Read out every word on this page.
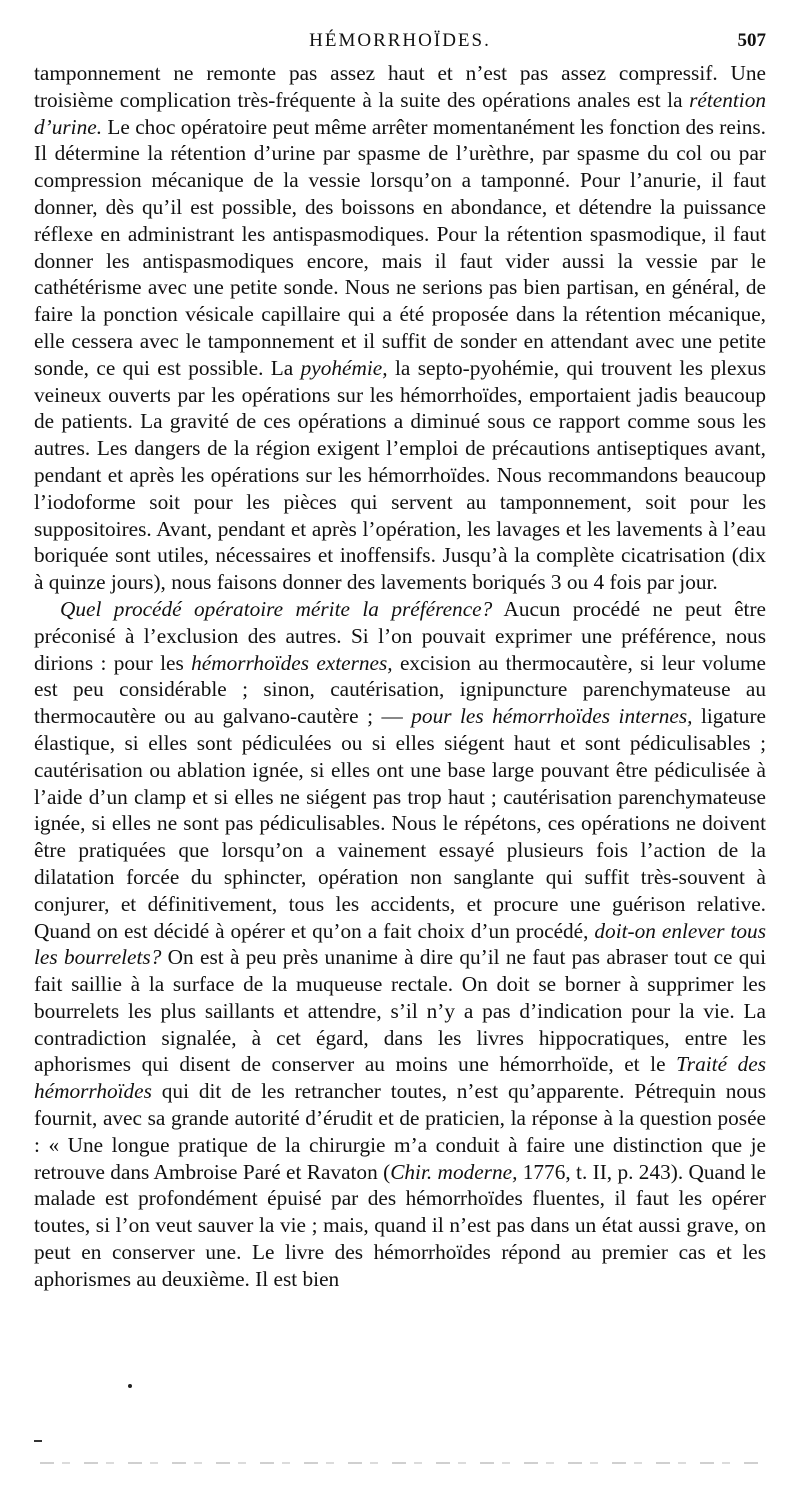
HÉMORRHOÏDES.	507

tamponnement ne remonte pas assez haut et n’est pas assez compressif. Une troisième complication très-fréquente à la suite des opérations anales est la rétention d’urine. Le choc opératoire peut même arrêter momentanément les fonction des reins. Il détermine la rétention d’urine par spasme de l’urèthre, par spasme du col ou par compression mécanique de la vessie lorsqu’on a tamponné. Pour l’anurie, il faut donner, dès qu’il est possible, des boissons en abondance, et détendre la puissance réflexe en administrant les antispasmodiques. Pour la rétention spasmodique, il faut donner les antispasmodiques encore, mais il faut vider aussi la vessie par le cathétérisme avec une petite sonde. Nous ne serions pas bien partisan, en général, de faire la ponction vésicale capillaire qui a été proposée dans la rétention mécanique, elle cessera avec le tamponnement et il suffit de sonder en attendant avec une petite sonde, ce qui est possible. La pyohémie, la septo-pyohémie, qui trouvent les plexus veineux ouverts par les opérations sur les hémorrhoïdes, emportaient jadis beaucoup de patients. La gravité de ces opérations a diminué sous ce rapport comme sous les autres. Les dangers de la région exigent l’emploi de précautions antiseptiques avant, pendant et après les opérations sur les hémorrhoïdes. Nous recommandons beaucoup l’iodoforme soit pour les pièces qui servent au tamponnement, soit pour les suppositoires. Avant, pendant et après l’opération, les lavages et les lavements à l’eau boriquée sont utiles, nécessaires et inoffensifs. Jusqu’à la complète cicatrisation (dix à quinze jours), nous faisons donner des lavements boriqués 3 ou 4 fois par jour.

Quel procédé opératoire mérite la préférence? Aucun procédé ne peut être préconisé à l’exclusion des autres. Si l’on pouvait exprimer une préférence, nous dirions : pour les hémorrhoïdes externes, excision au thermocautère, si leur volume est peu considérable ; sinon, cautérisation, ignipuncture parenchymateuse au thermocautère ou au galvano-cautère ; — pour les hémorrhoïdes internes, ligature élastique, si elles sont pédiculées ou si elles siégent haut et sont pédiculisables ; cautérisation ou ablation ignée, si elles ont une base large pouvant être pédiculisée à l’aide d’un clamp et si elles ne siégent pas trop haut ; cautérisation parenchymateuse ignée, si elles ne sont pas pédiculisables. Nous le répétons, ces opérations ne doivent être pratiquées que lorsqu’on a vainement essayé plusieurs fois l’action de la dilatation forcée du sphincter, opération non sanglante qui suffit très-souvent à conjurer, et définitivement, tous les accidents, et procure une guérison relative. Quand on est décidé à opérer et qu’on a fait choix d’un procédé, doit-on enlever tous les bourrelets? On est à peu près unanime à dire qu’il ne faut pas abraser tout ce qui fait saillie à la surface de la muqueuse rectale. On doit se borner à supprimer les bourrelets les plus saillants et attendre, s’il n’y a pas d’indication pour la vie. La contradiction signalée, à cet égard, dans les livres hippocratiques, entre les aphorismes qui disent de conserver au moins une hémorrhoïde, et le Traité des hémorrhoïdes qui dit de les retrancher toutes, n’est qu’apparente. Pétrequin nous fournit, avec sa grande autorité d’érudit et de praticien, la réponse à la question posée : « Une longue pratique de la chirurgie m’a conduit à faire une distinction que je retrouve dans Ambroise Paré et Ravaton (Chir. moderne, 1776, t. II, p. 243). Quand le malade est profondément épuisé par des hémorrhoïdes fluentes, il faut les opérer toutes, si l’on veut sauver la vie ; mais, quand il n’est pas dans un état aussi grave, on peut en conserver une. Le livre des hémorrhoïdes répond au premier cas et les aphorismes au deuxième. Il est bien
